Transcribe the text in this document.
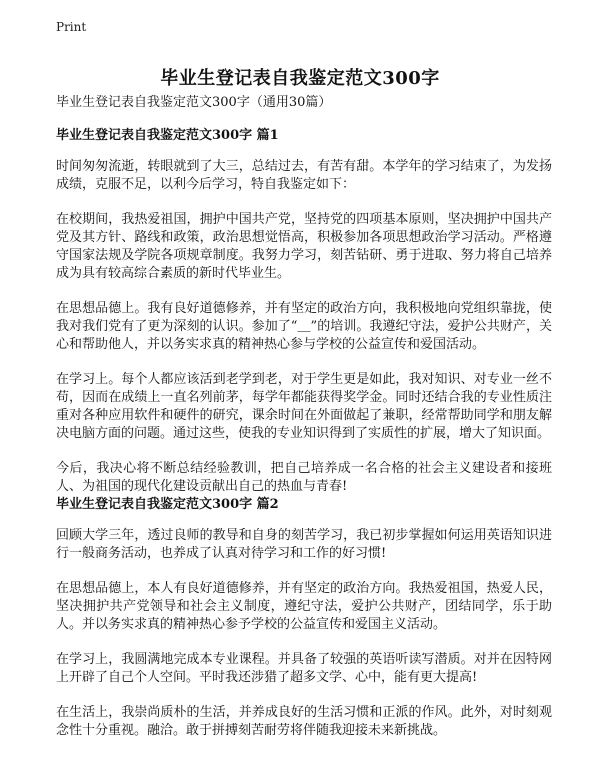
Print
毕业生登记表自我鉴定范文300字
毕业生登记表自我鉴定范文300字（通用30篇）
毕业生登记表自我鉴定范文300字 篇1

时间匆匆流逝，转眼就到了大三，总结过去，有苦有甜。本学年的学习结束了，为发扬成绩，克服不足，以利今后学习，特自我鉴定如下：

在校期间，我热爱祖国，拥护中国共产党，坚持党的四项基本原则，坚决拥护中国共产党及其方针、路线和政策，政治思想觉悟高，积极参加各项思想政治学习活动。严格遵守国家法规及学院各项规章制度。我努力学习，刻苦钻研、勇于进取、努力将自己培养成为具有较高综合素质的新时代毕业生。

在思想品德上。我有良好道德修养，并有坚定的政治方向，我积极地向党组织靠拢，使我对我们党有了更为深刻的认识。参加了“＿”的培训。我遵纪守法，爱护公共财产，关心和帮助他人，并以务实求真的精神热心参与学校的公益宣传和爱国活动。

在学习上。每个人都应该活到老学到老，对于学生更是如此，我对知识、对专业一丝不苟，因而在成绩上一直名列前茅，每学年都能获得奖学金。同时还结合我的专业性质注重对各种应用软件和硬件的研究，课余时间在外面做起了兼职，经常帮助同学和朋友解决电脑方面的问题。通过这些，使我的专业知识得到了实质性的扩展，增大了知识面。

今后，我决心将不断总结经验教训，把自己培养成一名合格的社会主义建设者和接班人、为祖国的现代化建设贡献出自己的热血与青春!

毕业生登记表自我鉴定范文300字 篇2

回顾大学三年，透过良师的教导和自身的刻苦学习，我已初步掌握如何运用英语知识进行一般商务活动，也养成了认真对待学习和工作的好习惯!

在思想品德上，本人有良好道德修养，并有坚定的政治方向。我热爱祖国，热爱人民，坚决拥护共产党领导和社会主义制度，遵纪守法，爱护公共财产，团结同学，乐于助人。并以务实求真的精神热心参予学校的公益宣传和爱国主义活动。

在学习上，我圆满地完成本专业课程。并具备了较强的英语听读写潜质。对并在因特网上开辟了自己个人空间。平时我还涉猎了超多文学、心中，能有更大提高!

在生活上，我崇尚质朴的生活，并养成良好的生活习惯和正派的作风。此外，对时刻观念性十分重视。融洽。敢于拼搏刻苦耐劳将伴随我迎接未来新挑战。
